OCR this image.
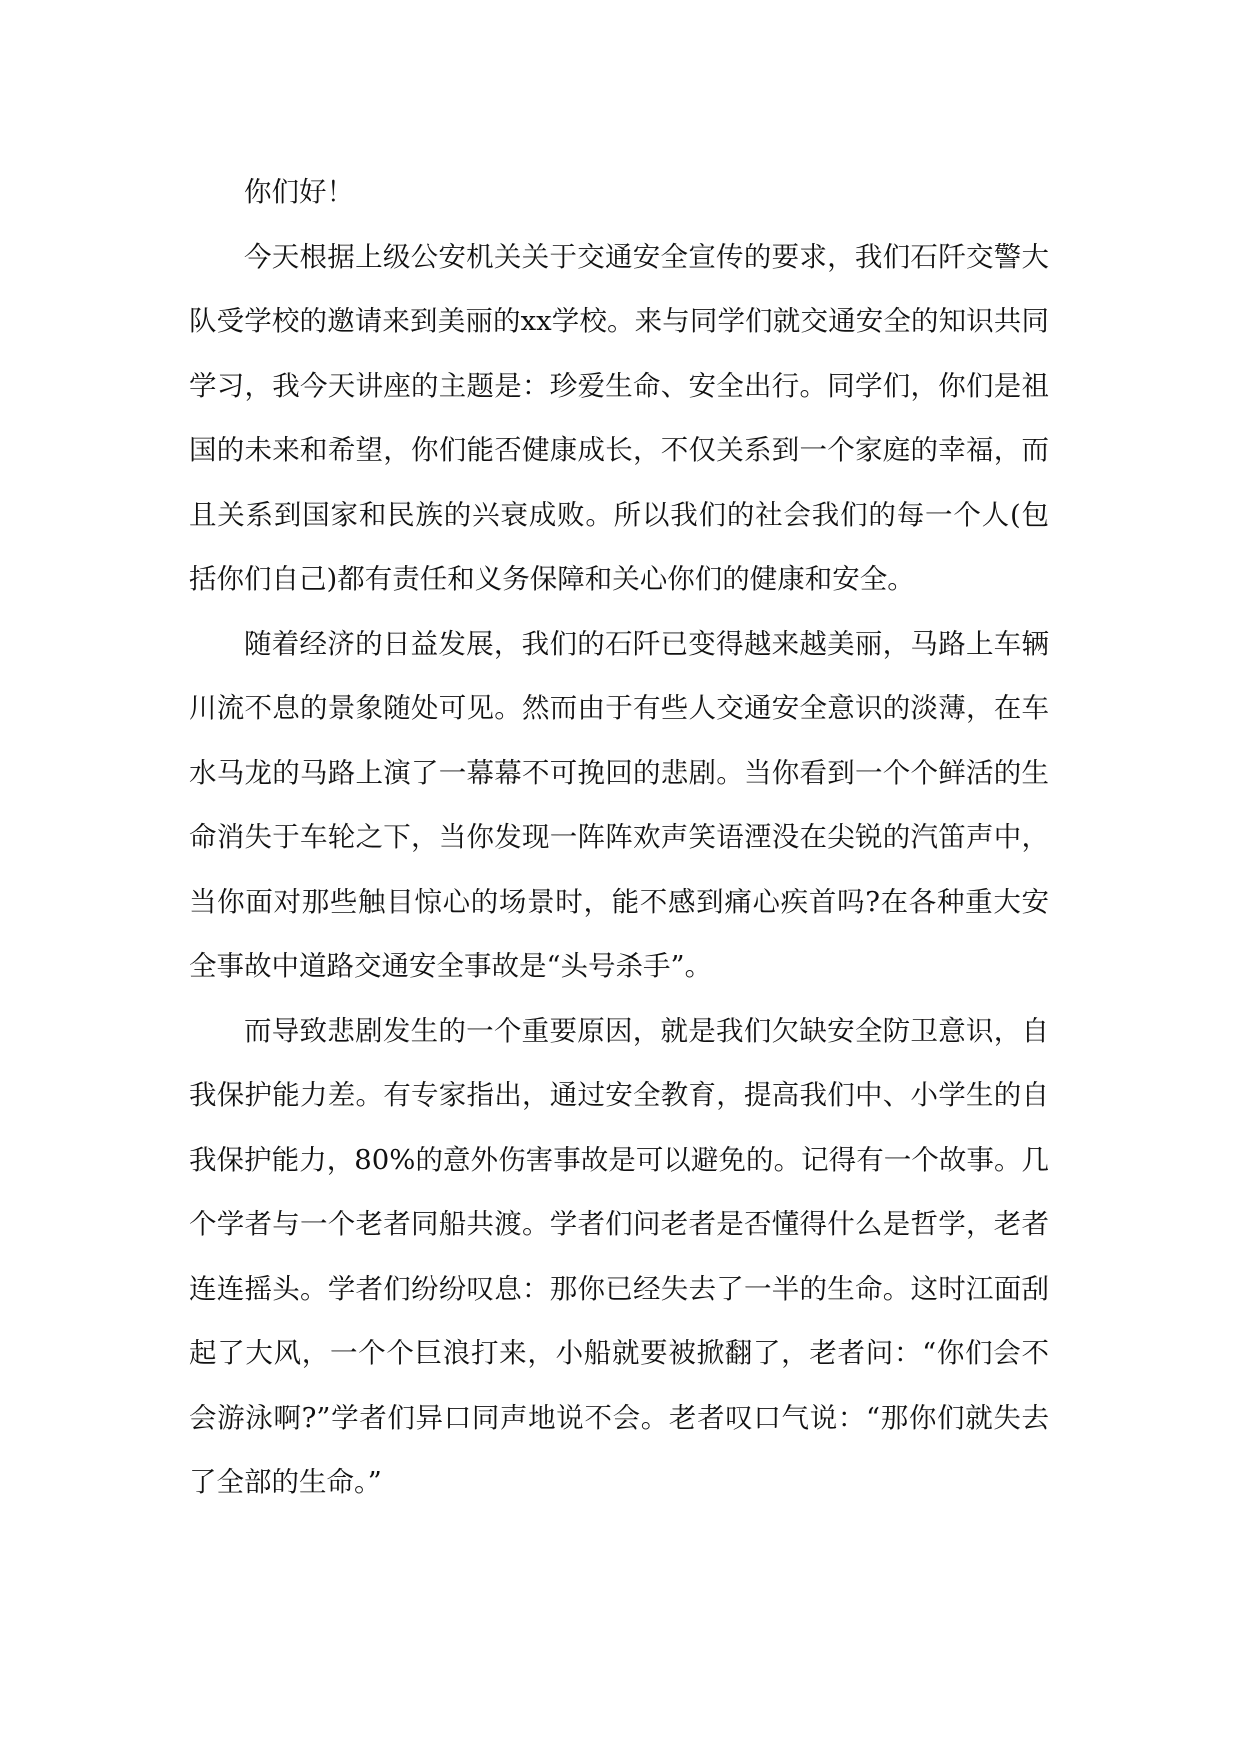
你们好！

今天根据上级公安机关关于交通安全宣传的要求，我们石阡交警大队受学校的邀请来到美丽的xx学校。来与同学们就交通安全的知识共同学习，我今天讲座的主题是：珍爱生命、安全出行。同学们，你们是祖国的未来和希望，你们能否健康成长，不仅关系到一个家庭的幸福，而且关系到国家和民族的兴衰成败。所以我们的社会我们的每一个人(包括你们自己)都有责任和义务保障和关心你们的健康和安全。

随着经济的日益发展，我们的石阡已变得越来越美丽，马路上车辆川流不息的景象随处可见。然而由于有些人交通安全意识的淡薄，在车水马龙的马路上演了一幕幕不可挽回的悲剧。当你看到一个个鲜活的生命消失于车轮之下，当你发现一阵阵欢声笑语湮没在尖锐的汽笛声中，当你面对那些触目惊心的场景时，能不感到痛心疾首吗?在各种重大安全事故中道路交通安全事故是“头号杀手”。

而导致悲剧发生的一个重要原因，就是我们欠缺安全防卫意识，自我保护能力差。有专家指出，通过安全教育，提高我们中、小学生的自我保护能力，80%的意外伤害事故是可以避免的。记得有一个故事。几个学者与一个老者同船共渡。学者们问老者是否懂得什么是哲学，老者连连摇头。学者们纷纷叹息：那你已经失去了一半的生命。这时江面刮起了大风，一个个巨浪打来，小船就要被掀翻了，老者问：“你们会不会游泳啊?”学者们异口同声地说不会。老者叹口气说：“那你们就失去了全部的生命。”
